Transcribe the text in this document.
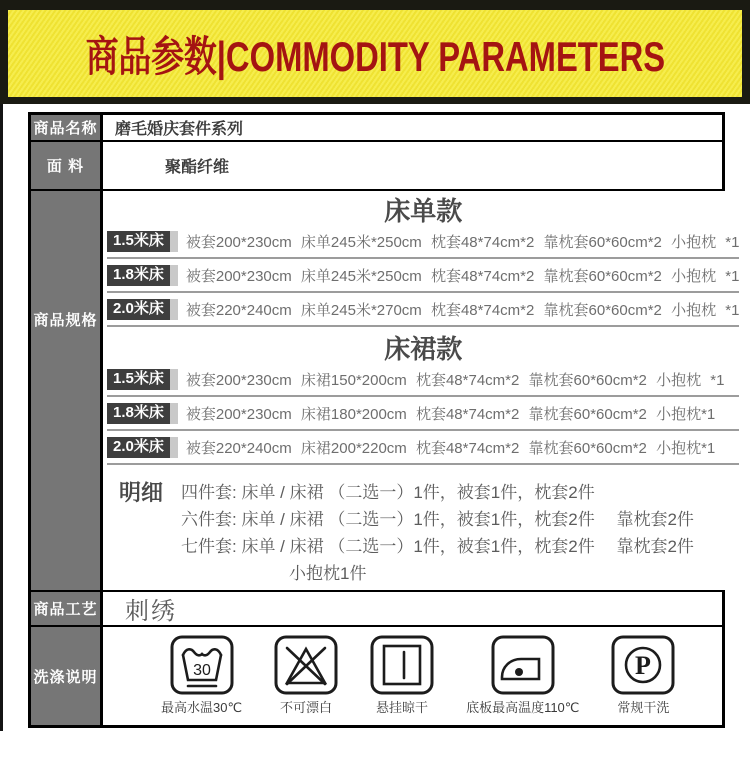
商品参数|COMMODITY PARAMETERS
商品名称	磨毛婚庆套件系列
面 料	聚酯纤维
商品规格
床单款
1.5米床	被套200*230cm 床单245米*250cm 枕套48*74cm*2 靠枕套60*60cm*2 小抱枕 *1
1.8米床	被套200*230cm 床单245米*250cm 枕套48*74cm*2 靠枕套60*60cm*2 小抱枕 *1
2.0米床	被套220*240cm 床单245米*270cm 枕套48*74cm*2 靠枕套60*60cm*2 小抱枕 *1
床裙款
1.5米床	被套200*230cm 床裙150*200cm 枕套48*74cm*2 靠枕套60*60cm*2 小抱枕 *1
1.8米床	被套200*230cm 床裙180*200cm 枕套48*74cm*2 靠枕套60*60cm*2 小抱枕*1
2.0米床	被套220*240cm 床裙200*220cm 枕套48*74cm*2 靠枕套60*60cm*2 小抱枕*1
明细 四件套: 床单 / 床裙 （二选一）1件，被套1件，枕套2件
六件套: 床单 / 床裙 （二选一）1件，被套1件，枕套2件　 靠枕套2件
七件套: 床单 / 床裙 （二选一）1件，被套1件，枕套2件　 靠枕套2件
小抱枕1件
商品工艺	刺绣
洗涤说明	30
最高水温30℃	不可漂白	悬挂晾干	底板最高温度110℃
P
常规干洗
